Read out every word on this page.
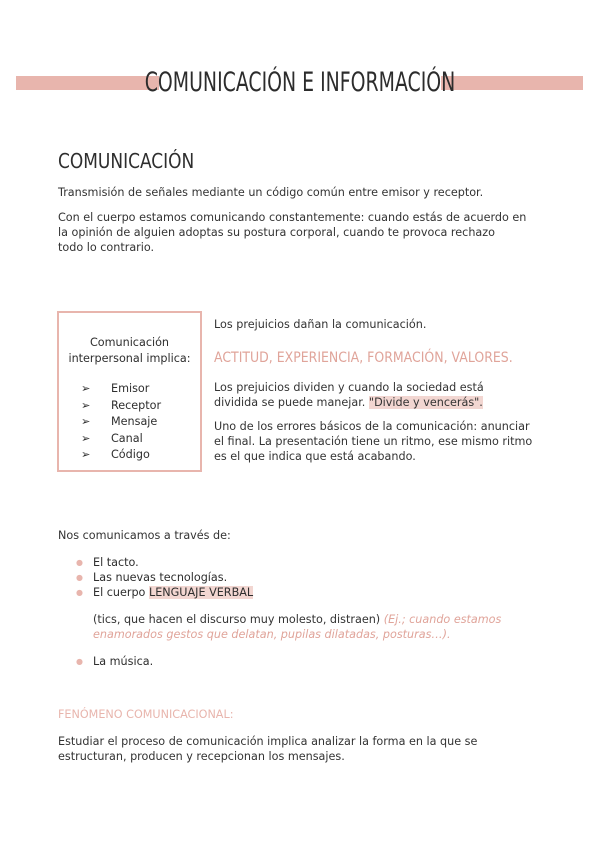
COMUNICACIÓN E INFORMACIÓN
COMUNICACIÓN
Transmisión de señales mediante un código común entre emisor y receptor.
Con el cuerpo estamos comunicando constantemente: cuando estás de acuerdo en
la opinión de alguien adoptas su postura corporal, cuando te provoca rechazo
todo lo contrario.
Comunicación
interpersonal implica:
➢	Emisor
➢	Receptor
➢	Mensaje
➢	Canal
➢	Código
Los prejuicios dañan la comunicación.
ACTITUD, EXPERIENCIA, FORMACIÓN, VALORES.
Los prejuicios dividen y cuando la sociedad está
dividida se puede manejar. "Divide y vencerás".
Uno de los errores básicos de la comunicación: anunciar
el final. La presentación tiene un ritmo, ese mismo ritmo
es el que indica que está acabando.
Nos comunicamos a través de:
● El tacto.
● Las nuevas tecnologías.
● El cuerpo LENGUAJE VERBAL
(tics, que hacen el discurso muy molesto, distraen) (Ej.; cuando estamos
enamorados gestos que delatan, pupilas dilatadas, posturas…).
● La música.
FENÓMENO COMUNICACIONAL:
Estudiar el proceso de comunicación implica analizar la forma en la que se
estructuran, producen y recepcionan los mensajes.
